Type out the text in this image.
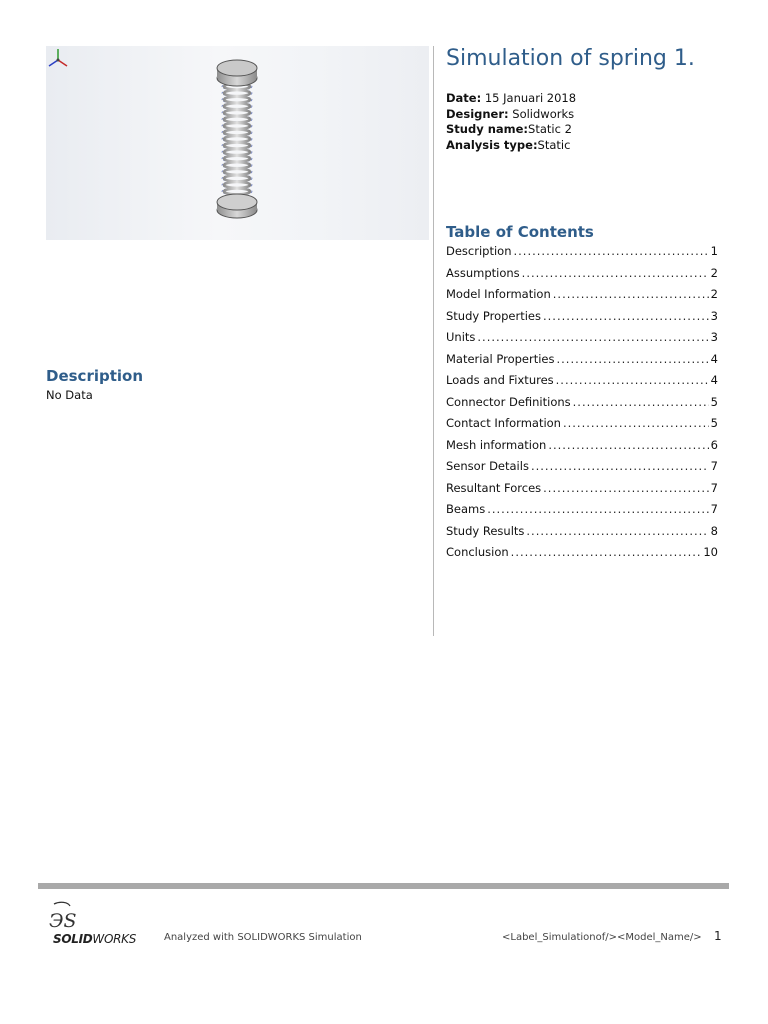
Simulation of spring 1.
Date: 15 Januari 2018
Designer: Solidworks
Study name:Static 2
Analysis type:Static
Table of Contents
Description .....	1
Assumptions .....	2
Model Information .....	2
Study Properties .....	3
Units .....	3
Material Properties .....	4
Loads and Fixtures .....	4
Connector Definitions .....	5
Contact Information .....	5
Mesh information .....	6
Sensor Details .....	7
Resultant Forces .....	7
Beams .....	7
Study Results .....	8
Conclusion .....	10
Description
No Data
ЭS
SOLIDWORKS	Analyzed with SOLIDWORKS Simulation	<Label_Simulationof/><Model_Name/> 1
